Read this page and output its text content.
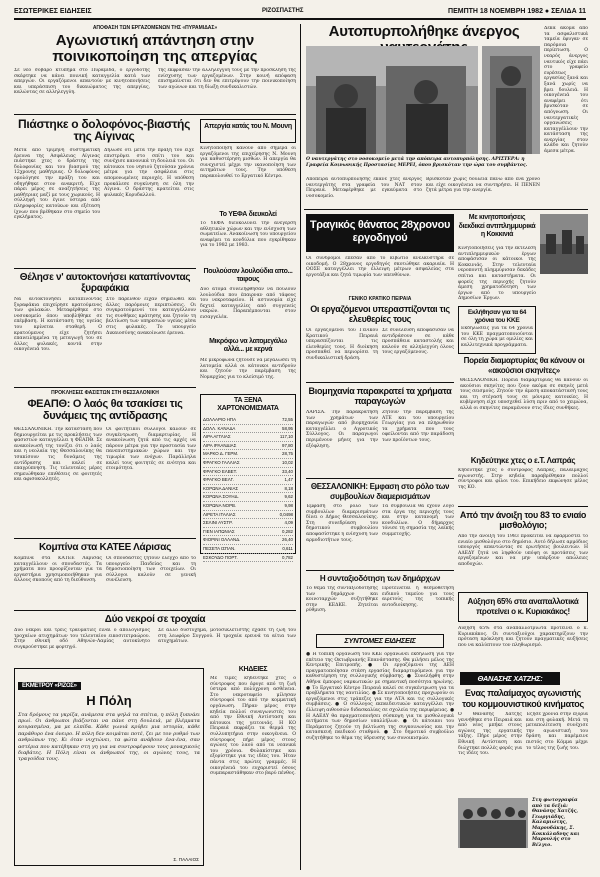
ΕΣΩΤΕΡΙΚΕΣ ΕΙΔΗΣΕΙΣ	ΡΙΖΟΣΠΑΣΤΗΣ	ΠΕΜΠΤΗ 18 ΝΟΕΜΒΡΗ 1982 ● ΣΕΛΙΔΑ 11
ΑΠΟΦΑΣΗ ΤΩΝ ΕΡΓΑΖΟΜΕΝΩΝ ΤΗΣ «ΠΥΡΑΜΙΔΑΣ»
Αγωνιστική απάντηση στην ποινικοποίηση της απεργίας
Σε νέο σοβαρό κτύπημα στο Πυραμίδα, ο εργοδότης σκέφτηκε να κάνει ποινική καταγγελία κατά των απεργών. Οι εργαζόμενοι απαντούν με κινητοποιήσεις και υπεράσπιση του δικαιώματος της απεργίας, καλώντας σε αλληλεγγύη.
της εκφρασαν την αλληλεγγύη τους με την πρόσκληση της ενίσχυσης των εργαζομένων. Στην κοινή απόφαση επισημαίνεται ότι δεν θα επιτρέψουν την ποινικοποίηση των αγώνων και τη δίωξη συνδικαλιστών.
Πιάστηκε ο δολοφόνος-βιαστής της Αίγινας
Μετά από τρίμηνη συστηματική έρευνα της Ασφάλειας Αίγινας πιάστηκε χτες ο δράστης της δολοφονίας και του βιασμού της 12χρονης μαθήτριας. Ο δολοφόνος ομολόγησε την πράξη του και οδηγήθηκε στον ανακριτή. Είχε πάρει μέρος σε αναζητήσεις της μαθήτριας μαζί με τους χωρικούς. Η σύλληψή του έγινε ύστερα από πληροφορίες κατοίκων και εξέταση ίχνων που βρέθηκαν στο σημείο του εγκλήματος.
Δήλωσε ότι μετά την πράξη του είχε επιστρέψει στο σπίτι του και συνέχισε κανονικά τη δουλειά του. Οι κάτοικοι του νησιού ζητούσαν χρόνια μέτρα για την ασφάλεια στις απομονωμένες περιοχές. Η υπόθεση προκάλεσε συγκίνηση σε όλη την Αίγινα. Ο δράστης κρατείται στις φυλακές Κορυδαλλού.
Απεργία κατάς του Ν. Μουνη
Κινητοποίηση κάνουν από σήμερα οι εργαζόμενοι της επιχείρησης Ν. Μουνη για καθυστέρηση μισθών. Η απεργία θα συνεχιστεί μέχρι την ικανοποίηση των αιτημάτων τους. Την υπόθεση παρακολουθεί το Εργατικό Κέντρο.
Το ΥΕΦΑ διευκολεί
Το ΥΕΦΑ διευκολύνει την ανέγερση αθλητικών χώρων και την ενίσχυση των σωματείων. Ανακοίνωση του υπουργείου αναφέρει τα κονδύλια που εγκρίθηκαν για το 1982 με 1983.
Θέλησε ν' αυτοκτονήσει καταπίνοντας ξυραφάκια
Να αυτοκτονήσει καταπίνοντας ξυραφάκια επιχείρησε κρατούμενος των φυλακών. Μεταφέρθηκε στο νοσοκομείο όπου υποβλήθηκε σε επέμβαση. Η κατάσταση της υγείας του κρίνεται σταθερή. Ο κρατούμενος είχε ζητήσει επανειλημμένα τη μεταγωγή του σε άλλες φυλακές, κοντά στην οικογένειά του.
Στο παρελθόν είχαν σημειωθεί και άλλες παρόμοιες περιπτώσεις. Οι συγκρατούμενοί του καταγγέλλουν τις συνθήκες κράτησης και ζητούν τη βελτίωση των υπηρεσιών υγείας μέσα στις φυλακές. Το υπουργείο Δικαιοσύνης ανακοίνωσε έρευνα.
Πουλούσαν λουλούδια απο... ταφους
Δύο άτομα συνελήφθησαν να πουλούν λουλούδια που έπαιρναν από τάφους του νεκροταφείου. Η αστυνομία είχε δεχτεί καταγγελίες από συγγενείς νεκρών. Παραπέμπονται στον εισαγγελέα.
Μικρόφω να λατομεγάλω αλλά... με κερνά
Με μικρόφωνα ζητούσε να μεγαλώσει τη λατομεία αλλά οι κάτοικοι αντιδρούν και ζητούν την παρέμβαση της Νομαρχίας για το κλείσιμό της.
ΠΡΟΚΛΗΣΕΙΣ ΦΑΣΙΣΤΩΝ ΣΤΗ ΘΕΣΣΑΛΟΝΙΚΗ
ΦΕΑΠΘ: Ο λαός θα τσακίσει τις δυνάμεις της αντίδρασης
ΘΕΣΣΑΛΟΝΙΚΗ. Την κατάσταση που δημιουργείται με τις προκλήσεις των φασιστών καταγγέλλει η ΦΕΑΠΘ. Σε ανακοίνωσή της τονίζει ότι ο λαός και η νεολαία της Θεσσαλονίκης θα τσακίσουν τις δυνάμεις της αντίδρασης και καλεί σε επαγρύπνηση. Τις τελευταίες μέρες σημειώθηκαν επιθέσεις σε φοιτητές και αφισοκολλητές.
Οι φοιτητικοί σύλλογοι καλούν σε συγκέντρωση διαμαρτυρίας. Η ανακοίνωση ζητά από τις αρχές να πάρουν μέτρα για την προστασία των πανεπιστημιακών χώρων και την τιμωρία των ενόχων. Παράλληλα καλεί τους φοιτητές σε ενότητα και ετοιμότητα.
ΤΑ ΞΕΝΑ ΧΑΡΤΟΝΟΜΙΣΜΑΤΑ
ΔΟΛΛΑΡΙΟ ΗΠΑ	72,55
ΔΟΛΛ. ΚΑΝΑΔΑ	58,95
ΛΙΡΑ ΑΓΓΛΙΑΣ	117,10
ΛΙΡΑ ΙΡΛΑΝΔΙΑΣ	97,80
ΜΑΡΚΟ Δ. ΓΕΡΜ.	28,75
ΦΡΑΓΚΟ ΓΑΛΛΙΑΣ	10,02
ΦΡΑΓΚΟ ΕΛΒΕΤ.	33,40
ΦΡΑΓΚΟ ΒΕΛΓ.	1,47
ΚΟΡΩΝΑ ΔΑΝΙΑΣ	8,18
ΚΟΡΩΝΑ ΣΟΥΗΔ.	9,62
ΚΟΡΩΝΑ ΝΟΡΒ.	9,98
ΛΙΡΕΤΑ ΙΤΑΛΙΑΣ	0,0498
ΣΕΛΙΝΙ ΑΥΣΤΡ.	4,09
ΓΙΕΝ ΙΑΠΩΝΙΑΣ	0,282
ΦΙΟΡΙΝΙ ΟΛΛΑΝΔ.	26,40
ΠΕΣΕΤΑ ΙΣΠΑΝ.	0,611
ΕΣΚΟΥΔΟ ΠΟΡΤ.	0,782
Κομπίνα στα ΚΑΤΕΕ Λάρισας
Κομπίνα στα ΚΑΤΕΕ Λάρισας καταγγέλλουν οι σπουδαστές. Τα χρήματα που προορίζονταν για τα εργαστήρια χρησιμοποιήθηκαν για άλλους σκοπούς από τη διεύθυνση.
Οι σπουδαστές ζητούν έλεγχο από το υπουργείο Παιδείας και τη δημοσιοποίηση των στοιχείων. Οι σύλλογοι καλούν σε γενική συνέλευση.
Δύο νεκροί σε τροχαία
Δύο νεκροί και τρεις τραυματίες είναι ο απολογισμός τροχαίων ατυχημάτων του τελευταίου εικοσιτετραώρου. Στην εθνική οδό Αθηνών-Λαμίας αυτοκίνητο συγκρούστηκε με φορτηγό.
Σε άλλο δυστύχημα, μοτοσικλετιστής έχασε τη ζωή του στη λεωφόρο Συγγρού. Η τροχαία ερευνά τα αίτια των ατυχημάτων.
ΚΗΔΕΙΕΣ
Με τιμές κηδεύτηκε χτες ο σύντροφος που έφυγε από τη ζωή ύστερα από πολύχρονη ασθένεια. Στο νεκροταφείο μίλησαν σύντροφοί του από την κομματική οργάνωση. Πήραν μέρος στην κηδεία πολλοί συναγωνιστές του από την Εθνική Αντίσταση και κάτοικοι της γειτονιάς. Η ΚΟ Πειραιά εκφράζει τα θερμά της συλλυπητήρια στην οικογένεια. Ο σύντροφος πήρε μέρος στους αγώνες του λαού από τα νεανικά του χρόνια. Φυλακίστηκε και εξορίστηκε για τις ιδέες του. Ήταν πάντα στις πρώτες γραμμές. Η οικογένειά του ευχαριστεί όσους συμπαραστάθηκαν στο βαρύ πένθος.
ΕΚΜΕΤΡΟΥ «ΡΙΖΟΣ»
Η Πόλη
Στα δρόμους τα γκρίζα, ανάμεσα στα ψηλά τα σπίτια, η πόλη ξυπνάει πρωί. Οι άνθρωποι βιάζονται να πάνε στη δουλειά, με βλέμματα κουρασμένα, μα με ελπίδα. Κάθε γωνιά κρύβει μια ιστορία, κάθε παράθυρο ένα όνειρο. Η πόλη δεν κοιμάται ποτέ, ζει με τον ρυθμό των ανθρώπων της. Κι όταν νυχτώνει, τα φώτα ανάβουν ένα-ένα, σαν αστέρια που κατέβηκαν στη γη για να συντροφέψουν τους μοναχικούς διαβάτες. Η Πόλη είναι οι άνθρωποί της, οι αγώνες τους, τα τραγούδια τους.
Σ. ΠΑΛΑΙΟΣ
Αυτοπυρπολήθηκε άνεργος	Δεκα ακόμα από τα ασφαλιστικά ταμεία έφυγαν σε παρόμοια περίπτωση. Ο νεαρός άνεργος ναυτικός είχε πάει στο γραφείο ευρέσεως εργασίας ξανά και ξανά χωρίς να βρει δουλειά. Η οικογένειά του αναφέρει ότι βρισκόταν σε απόγνωση. Οι ναυτεργατικές οργανώσεις καταγγέλλουν την κατάσταση της ανεργίας στον κλάδο και ζητούν άμεσα μέτρα.
Ο ναυτεργάτης στο νοσοκομείο μετά την απόπειρα αυτοπυρπόλησης. ΑΡΙΣΤΕΡΑ: η Γραφεία Κοινωνικής Προστασίας ΜΕΡΕΙ, όπου βρισκόταν την ώρα του συμβάντος.
Απόπειρα αυτοπυρπόλησης έκανε χτες άνεργος ναυτεργάτης στα γραφεία του ΝΑΤ στον Πειραιά. Μεταφέρθηκε με εγκαύματα στο νοσοκομείο.
Βρισκόταν χωρίς δουλειά πάνω από ένα χρόνο και είχε οικογένεια να συντηρήσει. Η ΠΕΝΕΝ ζητά μέτρα για την ανεργία.
Τραγικός θάνατος 28χρονου εργοδηγού
Οι σύνδρομοι έπεσαν από το κιβώτιο ανελκυστήρα σε οικοδομή. Ο 28χρονος εργοδηγός σκοτώθηκε ακαριαία. Η ΟΟΣΕ καταγγέλλει την έλλειψη μέτρων ασφαλείας στα εργοτάξια και ζητά τιμωρία των υπευθύνων.
Με κινητοποιήσεις διεκδικεί αντιπλημμυρικά η Κοκκινιά
Κινητοποιήσεις για την εκτέλεση αντιπλημμυρικών έργων αποφάσισαν οι κάτοικοι της Κοκκινιάς. Στην τελευταία νεροποντή πλημμύρισαν δεκάδες σπίτια και καταστήματα. Οι φορείς της περιοχής ζητούν άμεση χρηματοδότηση των έργων από το υπουργείο Δημοσίων Έργων.
ΓΕΝΙΚΟ ΚΡΑΤΙΚΟ ΠΕΙΡΑΙΑ
Οι εργαζόμενοι υπερασπίζονται τις ελευθερίες τους
Οι εργαζόμενοι του Γενικού Κρατικού Πειραιά υπερασπίζονται τις ελευθερίες τους. Η διοίκηση προσπαθεί να περιορίσει τη συνδικαλιστική δράση.
Σε συνέλευση αποφάσισαν να αντιδράσουν σε κάθε προσπάθεια καταστολής και καλούν σε αλληλεγγύη όλους τους εργαζόμενους.
Πορεία διαμαρτυρίας θα κάνουν οι «ακούσιοι σκηνίτες»
ΘΕΣΣΑΛΟΝΙΚΗ. Πορεία διαμαρτυρίας θα κάνουν οι ακούσιοι σκηνίτες που ζουν ακόμα σε σκηνές μετά τους σεισμούς. Ζητούν την άμεση αποκατάστασή τους και τη στέγασή τους σε μόνιμες κατοικίες. Η κυβέρνηση είχε υποσχεθεί λύση πριν από το χειμώνα, αλλά οι σκηνίτες παραμένουν στις ίδιες συνθήκες.
Βιομηχανία παρακρατεί τα χρήματα παραγωγών
ΛΑΡΙΣΑ. Την παρακράτηση των χρημάτων των παραγωγών από βιομηχανία καταγγέλλει ο Αγροτικός Σύλλογος. Οι παραγωγοί περιμένουν μήνες για την εξόφληση.
Ζητούν την παρέμβαση της ΑΤΕ και του υπουργείου Γεωργίας για να πληρωθούν τα χρήματα που τους οφείλονται από την παράδοση των προϊόντων τους.
Εκλήθησαν για τα 64 χρόνια του ΚΚΕ
Εκδηλώσεις για τα 64 χρόνια του ΚΚΕ πραγματοποιούνται σε όλη τη χώρα με ομιλίες και καλλιτεχνικά προγράμματα.
Κηδεύτηκε χτες ο ε.Τ. Λαπράς
Κηδεύτηκε χτες ο σύντροφος Λαπράς, παλαίμαχος αγωνιστής. Στην κηδεία παραβρέθηκαν πολλοί σύντροφοι και φίλοι του. Επικήδειο εκφώνησε μέλος της ΚΟ.
ΘΕΣΣΑΛΟΝΙΚΗ: Εμφαση στο ρόλο των συμβουλίων διαμερισμάτων
Έμφαση στο ρόλο των συμβουλίων διαμερισμάτων δίνει ο Δήμος Θεσσαλονίκης. Στη συνεδρίαση του δημοτικού συμβουλίου αποφασίστηκε η ενίσχυση των αρμοδιοτήτων τους.
Τα συμβούλια θα έχουν λόγο στα έργα της περιοχής τους και στην κατανομή των κονδυλίων. Ο δήμαρχος τόνισε τη σημασία της λαϊκής συμμετοχής.
Από την άνοιξη του 83 το ενιαίο μισθολόγιο;
Από την άνοιξη του 1983 πρόκειται να εφαρμοστεί το ενιαίο μισθολόγιο στο δημόσιο. Αυτό δήλωσε αρμόδιος υπουργός απαντώντας σε ερωτήσεις βουλευτών. Η ΑΔΕΔΥ ζητά να ληφθούν υπόψη οι προτάσεις των εργαζομένων και να μην υπάρξουν απώλειες αποδοχών.
Η συνταξιοδότηση των δημάρχων
Το θέμα της συνταξιοδότησης των δημάρχων και κοινοταρχών συζητήθηκε στην ΚΕΔΚΕ. Ζητείται ρύθμιση.
Προτείνεται η θεσμοθέτηση ειδικού ταμείου για τους αιρετούς της τοπικής αυτοδιοίκησης.	Αύξηση 65% στα αναπαλλοτικά προτείνει ο κ. Κυριακάκος!
Αύξηση 65% στα αναπαλλοτρίωτα προτείνει ο κ. Κυριακάκος. Οι συνταξιούχοι χαρακτηρίζουν την πρόταση πρόκληση και ζητούν πραγματικές αυξήσεις που να καλύπτουν τον πληθωρισμό.
ΣΥΝΤΟΜΕΣ ΕΙΔΗΣΕΙΣ
● Η τοπική οργάνωση του ΚΚΕ οργανώνει εκδήλωση για την επέτειο της Οκτωβριανής Επανάστασης. Θα μιλήσει μέλος της Κεντρικής Επιτροπής. ● Οι εργαζόμενοι της ΔΕΗ πραγματοποίησαν στάση εργασίας διαμαρτυρόμενοι για την καθυστέρηση της συλλογικής σύμβασης. ● Συνελήφθη στην Αθήνα έμπορος ναρκωτικών με σημαντική ποσότητα ηρωίνης. ● Το Εργατικό Κέντρο Πειραιά καλεί σε συγκέντρωση για τα προβλήματα της ναυτιλίας. ● Σε κινητοποιήσεις προχωρούν οι εργαζόμενοι στις τράπεζες για την ΑΤΑ και τις συλλογικές συμβάσεις. ● Ο σύλλογος εκπαιδευτικών καταγγέλλει την έλλειψη αιθουσών διδασκαλίας σε σχολεία της περιφέρειας. ● Η ΑΔΕΔΥ θα πραγματοποιήσει σύσκεψη για τα μισθολογικά αιτήματα των δημοσίων υπαλλήλων. ● Οι κάτοικοι του Περάματος ζητούν τη βελτίωση της συγκοινωνίας και την κατασκευή παιδικού σταθμού. ● Στο δημοτικό συμβούλιο συζητήθηκε το θέμα της ύδρευσης των συνοικισμών.
ΘΑΝΑΣΗΣ ΧΑΤΖΗΣ:
Ενας παλαίμαχος αγωνιστής του κομμουνιστικού κινήματος
Ο Θανάσης Χατζής γεννήθηκε στο Πειραιά και από νέος μπήκε στους αγώνες της εργατικής τάξης. Πήρε μέρος στην Εθνική Αντίσταση και διώχτηκε πολλές φορές για τις ιδέες του.
Έζησε χρόνια στην εξορία και στη φυλακή. Μετά τη μεταπολίτευση συνέχισε την αγωνιστική του δράση και παρέμεινε πιστός στο Κόμμα μέχρι το τέλος της ζωής του.
Στη φωτογραφία από τα δεξιά: Θανάσης Χατζής, Γεωργιάδης, Καλαμιώτης, Μαρουδάκης, Σ. Κοκκάλαδνης και Μαρουλής στο Βέλγιο.
